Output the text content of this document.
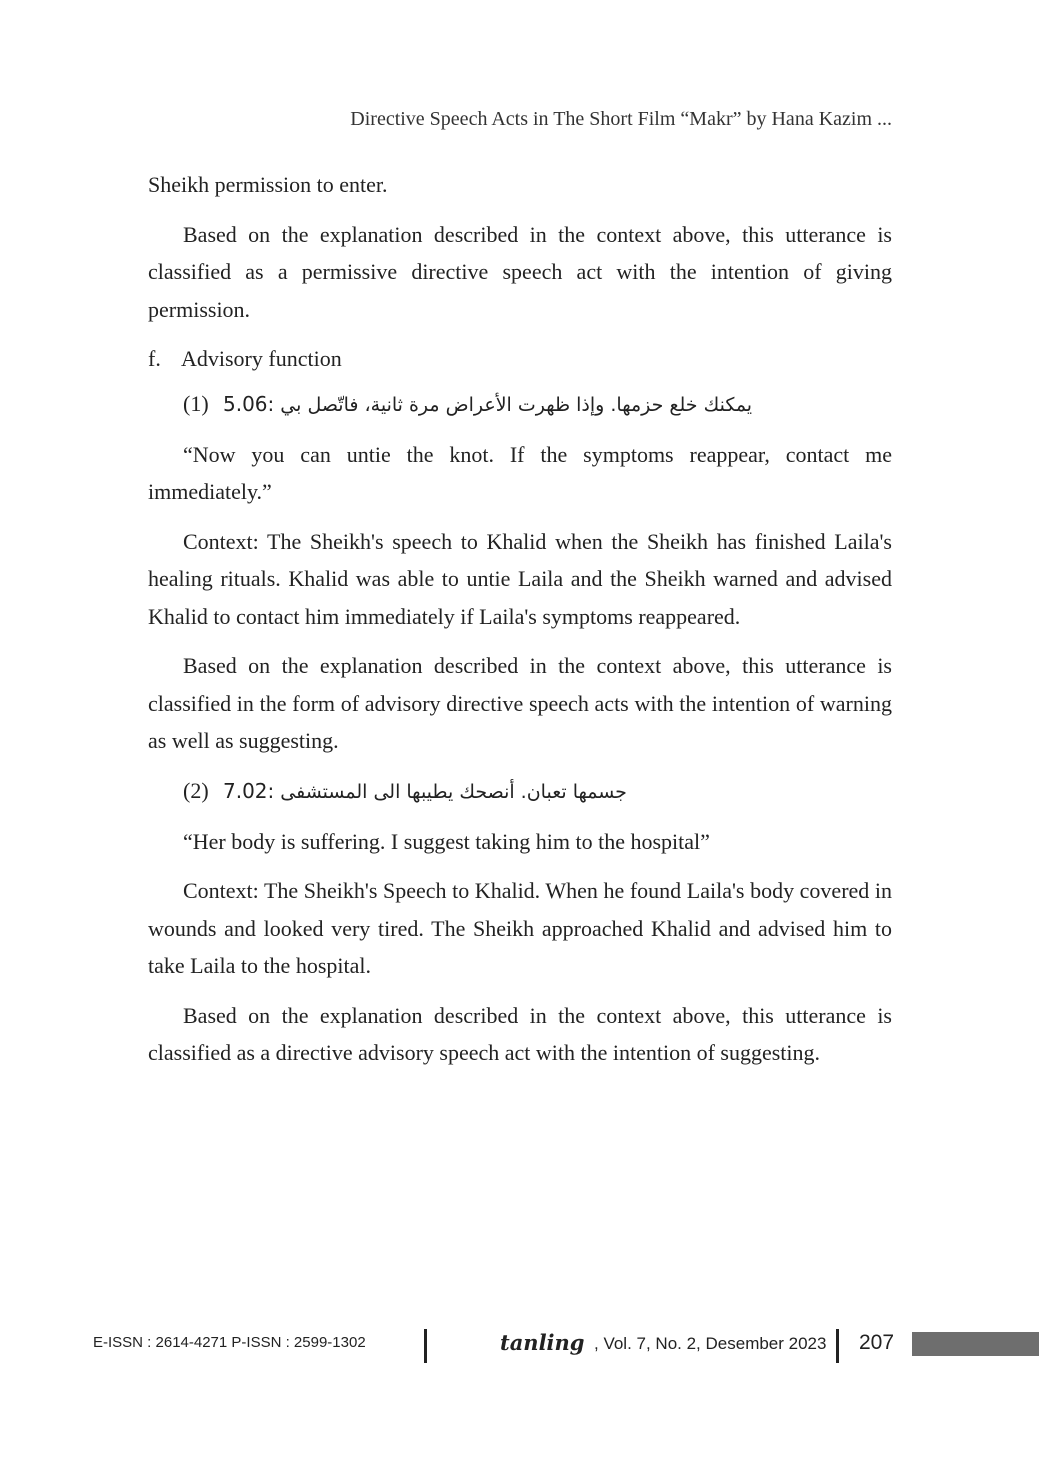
Directive Speech Acts in The Short Film “Makr” by Hana Kazim ...

Sheikh permission to enter.

Based on the explanation described in the context above, this utterance is classified as a permissive directive speech act with the intention of giving permission.

f. Advisory function
(1) 5.06: يمكنك خلع حزمها. وإذا ظهرت الأعراض مرة ثانية، فاتّصل بي

“Now you can untie the knot. If the symptoms reappear, contact me immediately.”

Context: The Sheikh's speech to Khalid when the Sheikh has finished Laila's healing rituals. Khalid was able to untie Laila and the Sheikh warned and advised Khalid to contact him immediately if Laila's symptoms reappeared.

Based on the explanation described in the context above, this utterance is classified in the form of advisory directive speech acts with the intention of warning as well as suggesting.

(2) 7.02: جسمها تعبان. أنصحك يطيبها الى المستشفى

“Her body is suffering. I suggest taking him to the hospital”

Context: The Sheikh's Speech to Khalid. When he found Laila's body covered in wounds and looked very tired. The Sheikh approached Khalid and advised him to take Laila to the hospital.

Based on the explanation described in the context above, this utterance is classified as a directive advisory speech act with the intention of suggesting.

E-ISSN : 2614-4271 P-ISSN : 2599-1302	tanling , Vol. 7, No. 2, Desember 2023 207
